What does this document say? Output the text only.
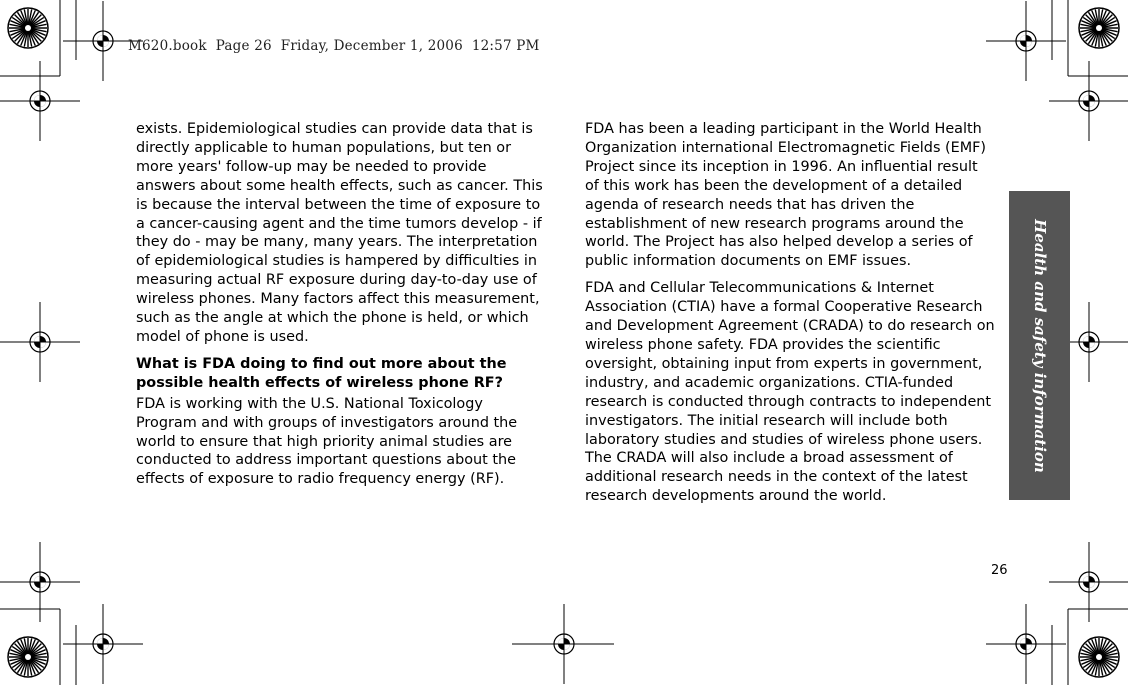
M620.book  Page 26  Friday, December 1, 2006  12:57 PM

exists. Epidemiological studies can provide data that is directly applicable to human populations, but ten or more years' follow-up may be needed to provide answers about some health effects, such as cancer. This is because the interval between the time of exposure to a cancer-causing agent and the time tumors develop - if they do - may be many, many years. The interpretation of epidemiological studies is hampered by difficulties in measuring actual RF exposure during day-to-day use of wireless phones. Many factors affect this measurement, such as the angle at which the phone is held, or which model of phone is used.

What is FDA doing to find out more about the possible health effects of wireless phone RF?

FDA is working with the U.S. National Toxicology Program and with groups of investigators around the world to ensure that high priority animal studies are conducted to address important questions about the effects of exposure to radio frequency energy (RF).

FDA has been a leading participant in the World Health Organization international Electromagnetic Fields (EMF) Project since its inception in 1996. An influential result of this work has been the development of a detailed agenda of research needs that has driven the establishment of new research programs around the world. The Project has also helped develop a series of public information documents on EMF issues.

FDA and Cellular Telecommunications & Internet Association (CTIA) have a formal Cooperative Research and Development Agreement (CRADA) to do research on wireless phone safety. FDA provides the scientific oversight, obtaining input from experts in government, industry, and academic organizations. CTIA-funded research is conducted through contracts to independent investigators. The initial research will include both laboratory studies and studies of wireless phone users. The CRADA will also include a broad assessment of additional research needs in the context of the latest research developments around the world.

Health and safety information
26
